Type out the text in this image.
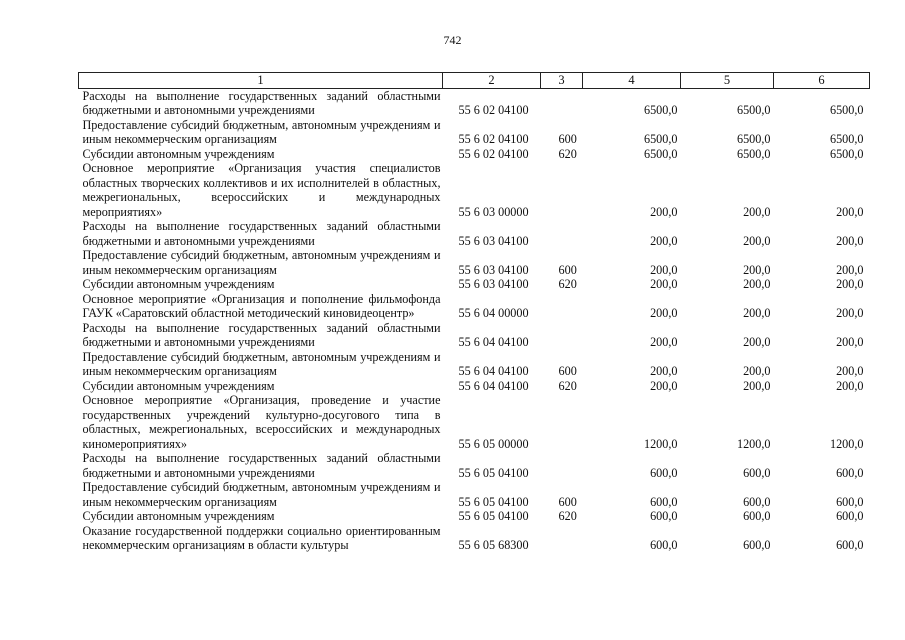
742
1	2	3	4	5	6
Расходы на выполнение государственных заданий областными бюджетными и автономными учреждениями	55 6 02 04100		6500,0	6500,0	6500,0
Предоставление субсидий бюджетным, автономным учреждениям и иным некоммерческим организациям	55 6 02 04100	600	6500,0	6500,0	6500,0
Субсидии автономным учреждениям	55 6 02 04100	620	6500,0	6500,0	6500,0
Основное мероприятие «Организация участия специалистов областных творческих коллективов и их исполнителей в областных, межрегиональных, всероссийских и международных мероприятиях»	55 6 03 00000		200,0	200,0	200,0
Расходы на выполнение государственных заданий областными бюджетными и автономными учреждениями	55 6 03 04100		200,0	200,0	200,0
Предоставление субсидий бюджетным, автономным учреждениям и иным некоммерческим организациям	55 6 03 04100	600	200,0	200,0	200,0
Субсидии автономным учреждениям	55 6 03 04100	620	200,0	200,0	200,0
Основное мероприятие «Организация и пополнение фильмофонда ГАУК «Саратовский областной методический киновидеоцентр»	55 6 04 00000		200,0	200,0	200,0
Расходы на выполнение государственных заданий областными бюджетными и автономными учреждениями	55 6 04 04100		200,0	200,0	200,0
Предоставление субсидий бюджетным, автономным учреждениям и иным некоммерческим организациям	55 6 04 04100	600	200,0	200,0	200,0
Субсидии автономным учреждениям	55 6 04 04100	620	200,0	200,0	200,0
Основное мероприятие «Организация, проведение и участие государственных учреждений культурно-досугового типа в областных, межрегиональных, всероссийских и международных киномероприятиях»	55 6 05 00000		1200,0	1200,0	1200,0
Расходы на выполнение государственных заданий областными бюджетными и автономными учреждениями	55 6 05 04100		600,0	600,0	600,0
Предоставление субсидий бюджетным, автономным учреждениям и иным некоммерческим организациям	55 6 05 04100	600	600,0	600,0	600,0
Субсидии автономным учреждениям	55 6 05 04100	620	600,0	600,0	600,0
Оказание государственной поддержки социально ориентированным некоммерческим организациям в области культуры	55 6 05 68300		600,0	600,0	600,0
